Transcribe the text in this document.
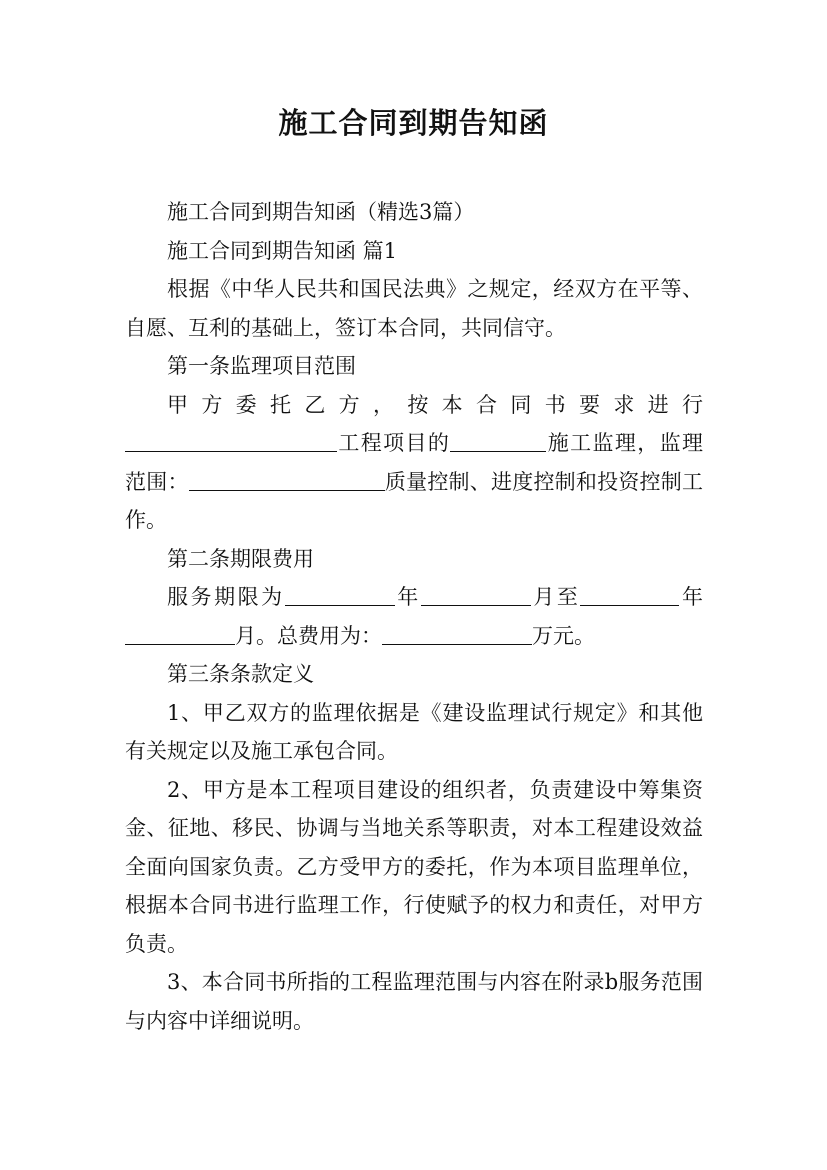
施工合同到期告知函

施工合同到期告知函（精选3篇）

施工合同到期告知函 篇1

根据《中华人民共和国民法典》之规定，经双方在平等、自愿、互利的基础上，签订本合同，共同信守。

第一条监理项目范围

甲方委托乙方，按本合同书要求进行

工程项目的	施工监理，监理范围：	质量控制、进度控制和投资控制工作。

第二条期限费用

服务期限为	年	月至	年月。总费用为：	万元。

第三条条款定义

1、甲乙双方的监理依据是《建设监理试行规定》和其他有关规定以及施工承包合同。

2、甲方是本工程项目建设的组织者，负责建设中筹集资金、征地、移民、协调与当地关系等职责，对本工程建设效益全面向国家负责。乙方受甲方的委托，作为本项目监理单位，根据本合同书进行监理工作，行使赋予的权力和责任，对甲方负责。

3、本合同书所指的工程监理范围与内容在附录b服务范围与内容中详细说明。
